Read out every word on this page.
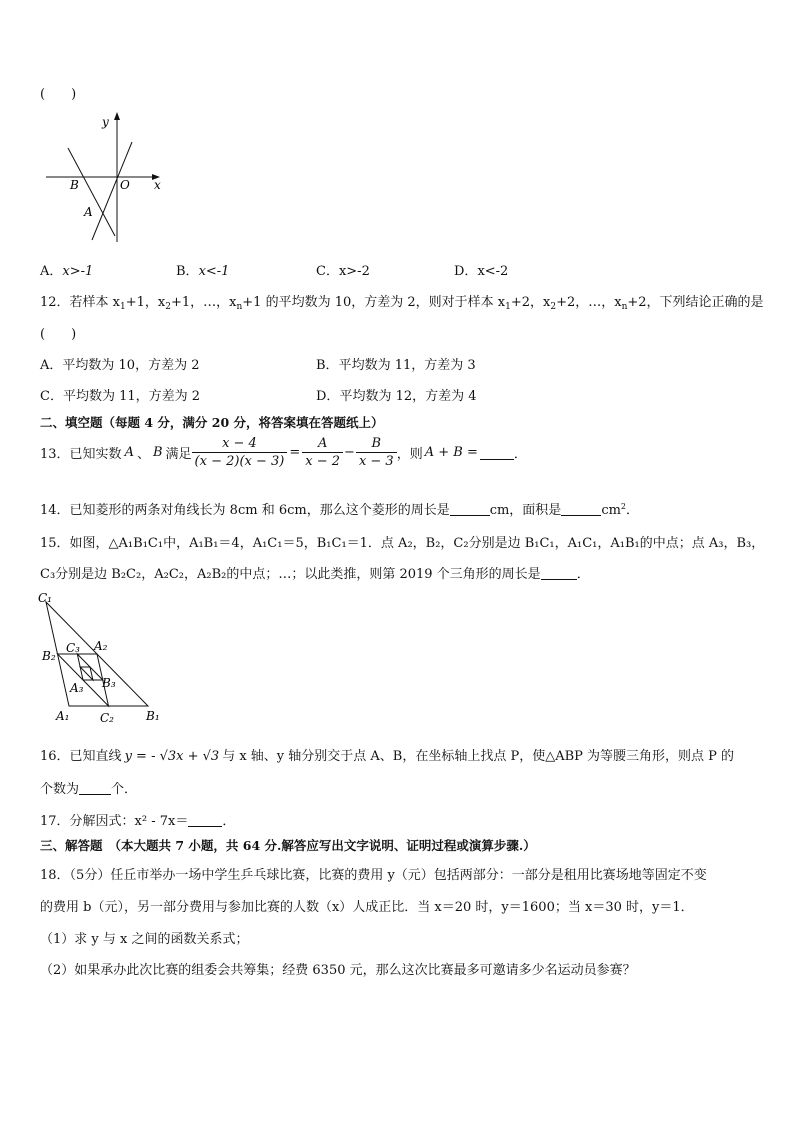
(　　)
y
x
O
B
A
A．x>-1	B．x<-1	C．x>-2	D．x<-2
12．若样本 $x_1+1$，$x_2+1$，…，$x_n+1$ 的平均数为 10，方差为 2，则对于样本 $x_1+2$，$x_2+2$，…，$x_n+2$，下列结论正确的是
(　　)
A．平均数为 10，方差为 2	B．平均数为 11，方差为 3
C．平均数为 11，方差为 2	D．平均数为 12，方差为 4
二、填空题（每题 4 分，满分 20 分，将答案填在答题纸上）
13． 已知实数 A 、 B 满足 $\frac{x - 4}{(x - 2)(x - 3)} = \frac{A}{x - 2} - \frac{B}{x - 3}$ ，则 A + B =	．
14．已知菱形的两条对角线长为 8cm 和 6cm，那么这个菱形的周长是	cm，面积是	$cm^2$．
15．如图，△A₁B₁C₁中，A₁B₁＝4，A₁C₁＝5，B₁C₁＝1．点 A₂，B₂，C₂分别是边 B₁C₁，A₁C₁，A₁B₁的中点；点 A₃，B₃，
C₃分别是边 B₂C₂，A₂C₂，A₂B₂的中点；…；以此类推，则第 2019 个三角形的周长是	．
C₁
B₂
C₃ A₂
B₃
A₃
A₁	C₂	B₁
16．已知直线 y = - √3x + √3 与 x 轴、y 轴分别交于点 A、B，在坐标轴上找点 P，使△ABP 为等腰三角形，则点 P 的
个数为 个．
17．分解因式：x² - 7x＝	．
三、解答题 （本大题共 7 小题，共 64 分.解答应写出文字说明、证明过程或演算步骤.）
18．（5分）任丘市举办一场中学生乒乓球比赛，比赛的费用 y（元）包括两部分：一部分是租用比赛场地等固定不变
的费用 b（元），另一部分费用与参加比赛的人数（x）人成正比．当 x＝20 时，y＝1600；当 x＝30 时，y＝1．
（1）求 y 与 x 之间的函数关系式；
（2）如果承办此次比赛的组委会共筹集；经费 6350 元，那么这次比赛最多可邀请多少名运动员参赛？
